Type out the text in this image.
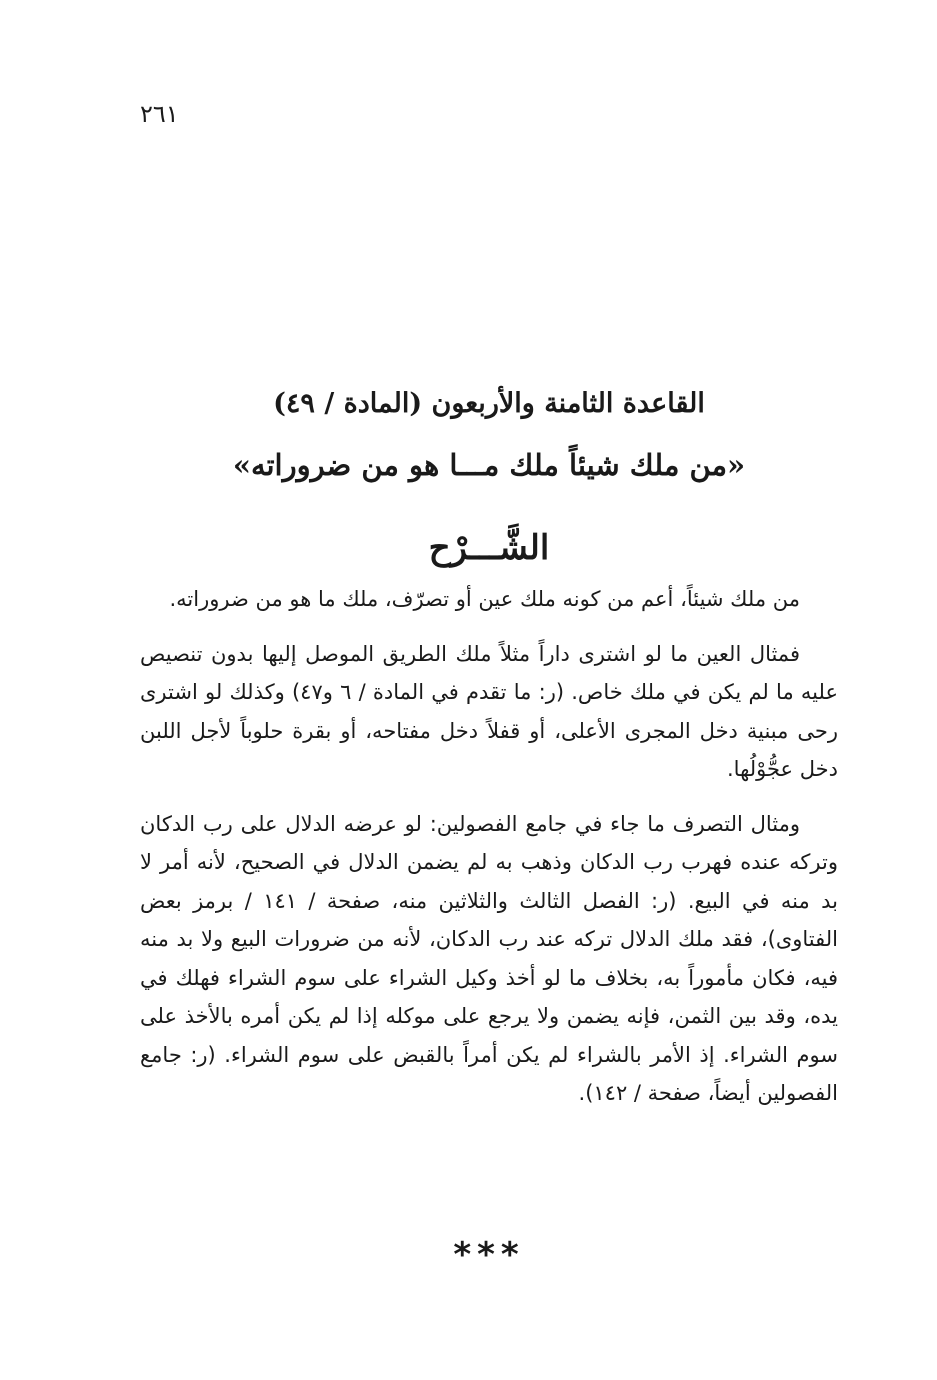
٢٦١
القاعدة الثامنة والأربعون (المادة / ٤٩)
«من ملك شيئاً ملك مـــا هو من ضروراته»
الشَّـــرْح

من ملك شيئاً، أعم من كونه ملك عين أو تصرّف، ملك ما هو من ضروراته.

فمثال العين ما لو اشترى داراً مثلاً ملك الطريق الموصل إليها بدون تنصيص عليه ما لم يكن في ملك خاص. (ر: ما تقدم في المادة / ٦ و٤٧) وكذلك لو اشترى رحى مبنية دخل المجرى الأعلى، أو قفلاً دخل مفتاحه، أو بقرة حلوباً لأجل اللبن دخل عجُّوْلُها.

ومثال التصرف ما جاء في جامع الفصولين: لو عرضه الدلال على رب الدكان وتركه عنده فهرب رب الدكان وذهب به لم يضمن الدلال في الصحيح، لأنه أمر لا بد منه في البيع. (ر: الفصل الثالث والثلاثين منه، صفحة / ١٤١ / برمز بعض الفتاوى)، فقد ملك الدلال تركه عند رب الدكان، لأنه من ضرورات البيع ولا بد منه فيه، فكان مأموراً به، بخلاف ما لو أخذ وكيل الشراء على سوم الشراء فهلك في يده، وقد بين الثمن، فإنه يضمن ولا يرجع على موكله إذا لم يكن أمره بالأخذ على سوم الشراء. إذ الأمر بالشراء لم يكن أمراً بالقبض على سوم الشراء. (ر: جامع الفصولين أيضاً، صفحة / ١٤٢).

***
